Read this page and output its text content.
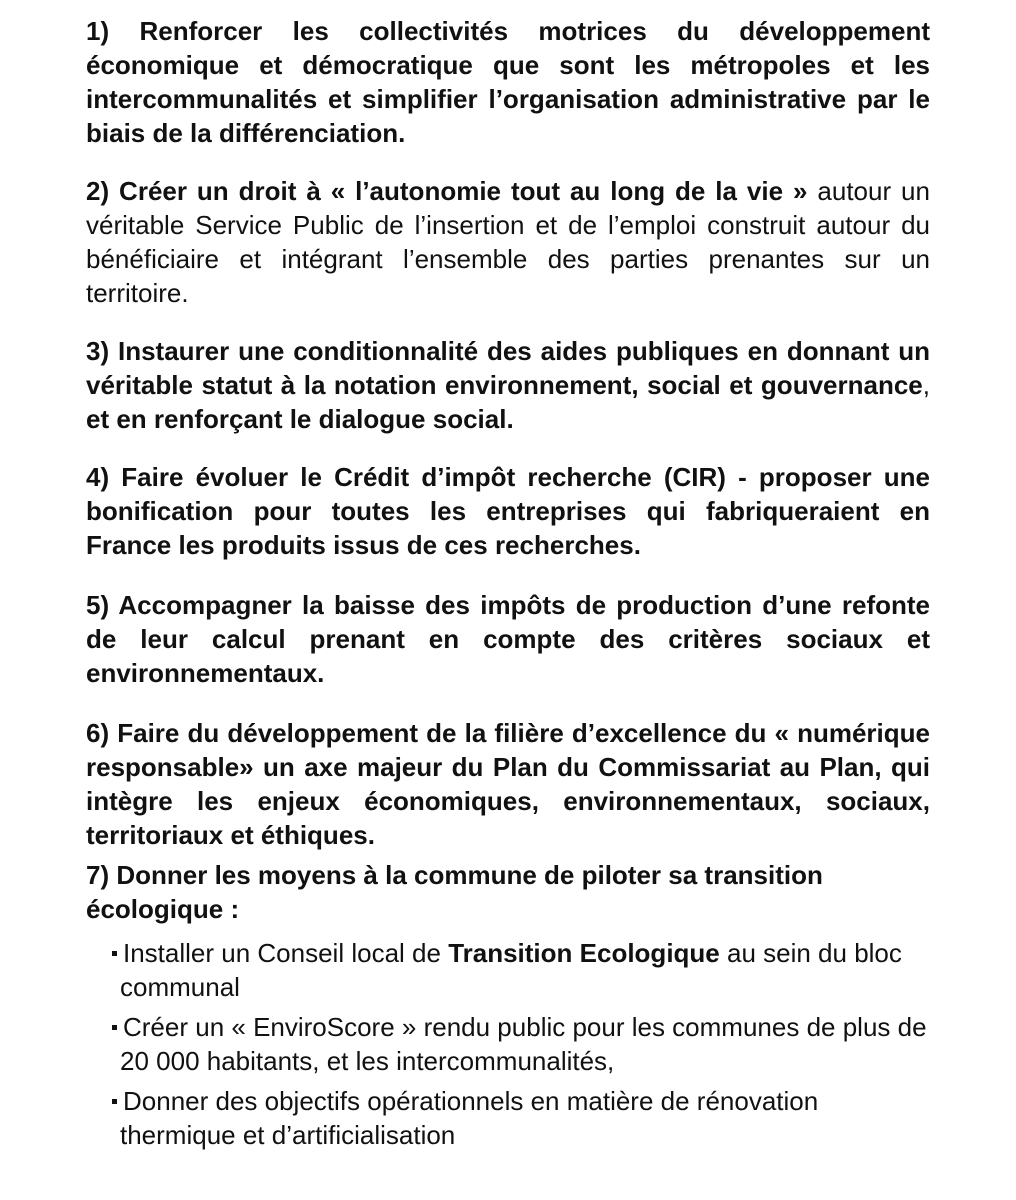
1) Renforcer les collectivités motrices du développement économique et démocratique que sont les métropoles et les intercommunalités et simplifier l’organisation administrative par le biais de la différenciation.

2) Créer un droit à « l’autonomie tout au long de la vie » autour un véritable Service Public de l’insertion et de l’emploi construit autour du bénéficiaire et intégrant l’ensemble des parties prenantes sur un territoire.

3) Instaurer une conditionnalité des aides publiques en donnant un véritable statut à la notation environnement, social et gouvernance, et en renforçant le dialogue social.

4) Faire évoluer le Crédit d’impôt recherche (CIR) - proposer une bonification pour toutes les entreprises qui fabriqueraient en France les produits issus de ces recherches.

5) Accompagner la baisse des impôts de production d’une refonte de leur calcul prenant en compte des critères sociaux et environnementaux.

6) Faire du développement de la filière d’excellence du « numérique responsable» un axe majeur du Plan du Commissariat au Plan, qui intègre les enjeux économiques, environnementaux, sociaux, territoriaux et éthiques.

7) Donner les moyens à la commune de piloter sa transition écologique :

Installer un Conseil local de Transition Ecologique au sein du bloc communal
Créer un « EnviroScore » rendu public pour les communes de plus de 20 000 habitants, et les intercommunalités,
Donner des objectifs opérationnels en matière de rénovation thermique et d’artificialisation
